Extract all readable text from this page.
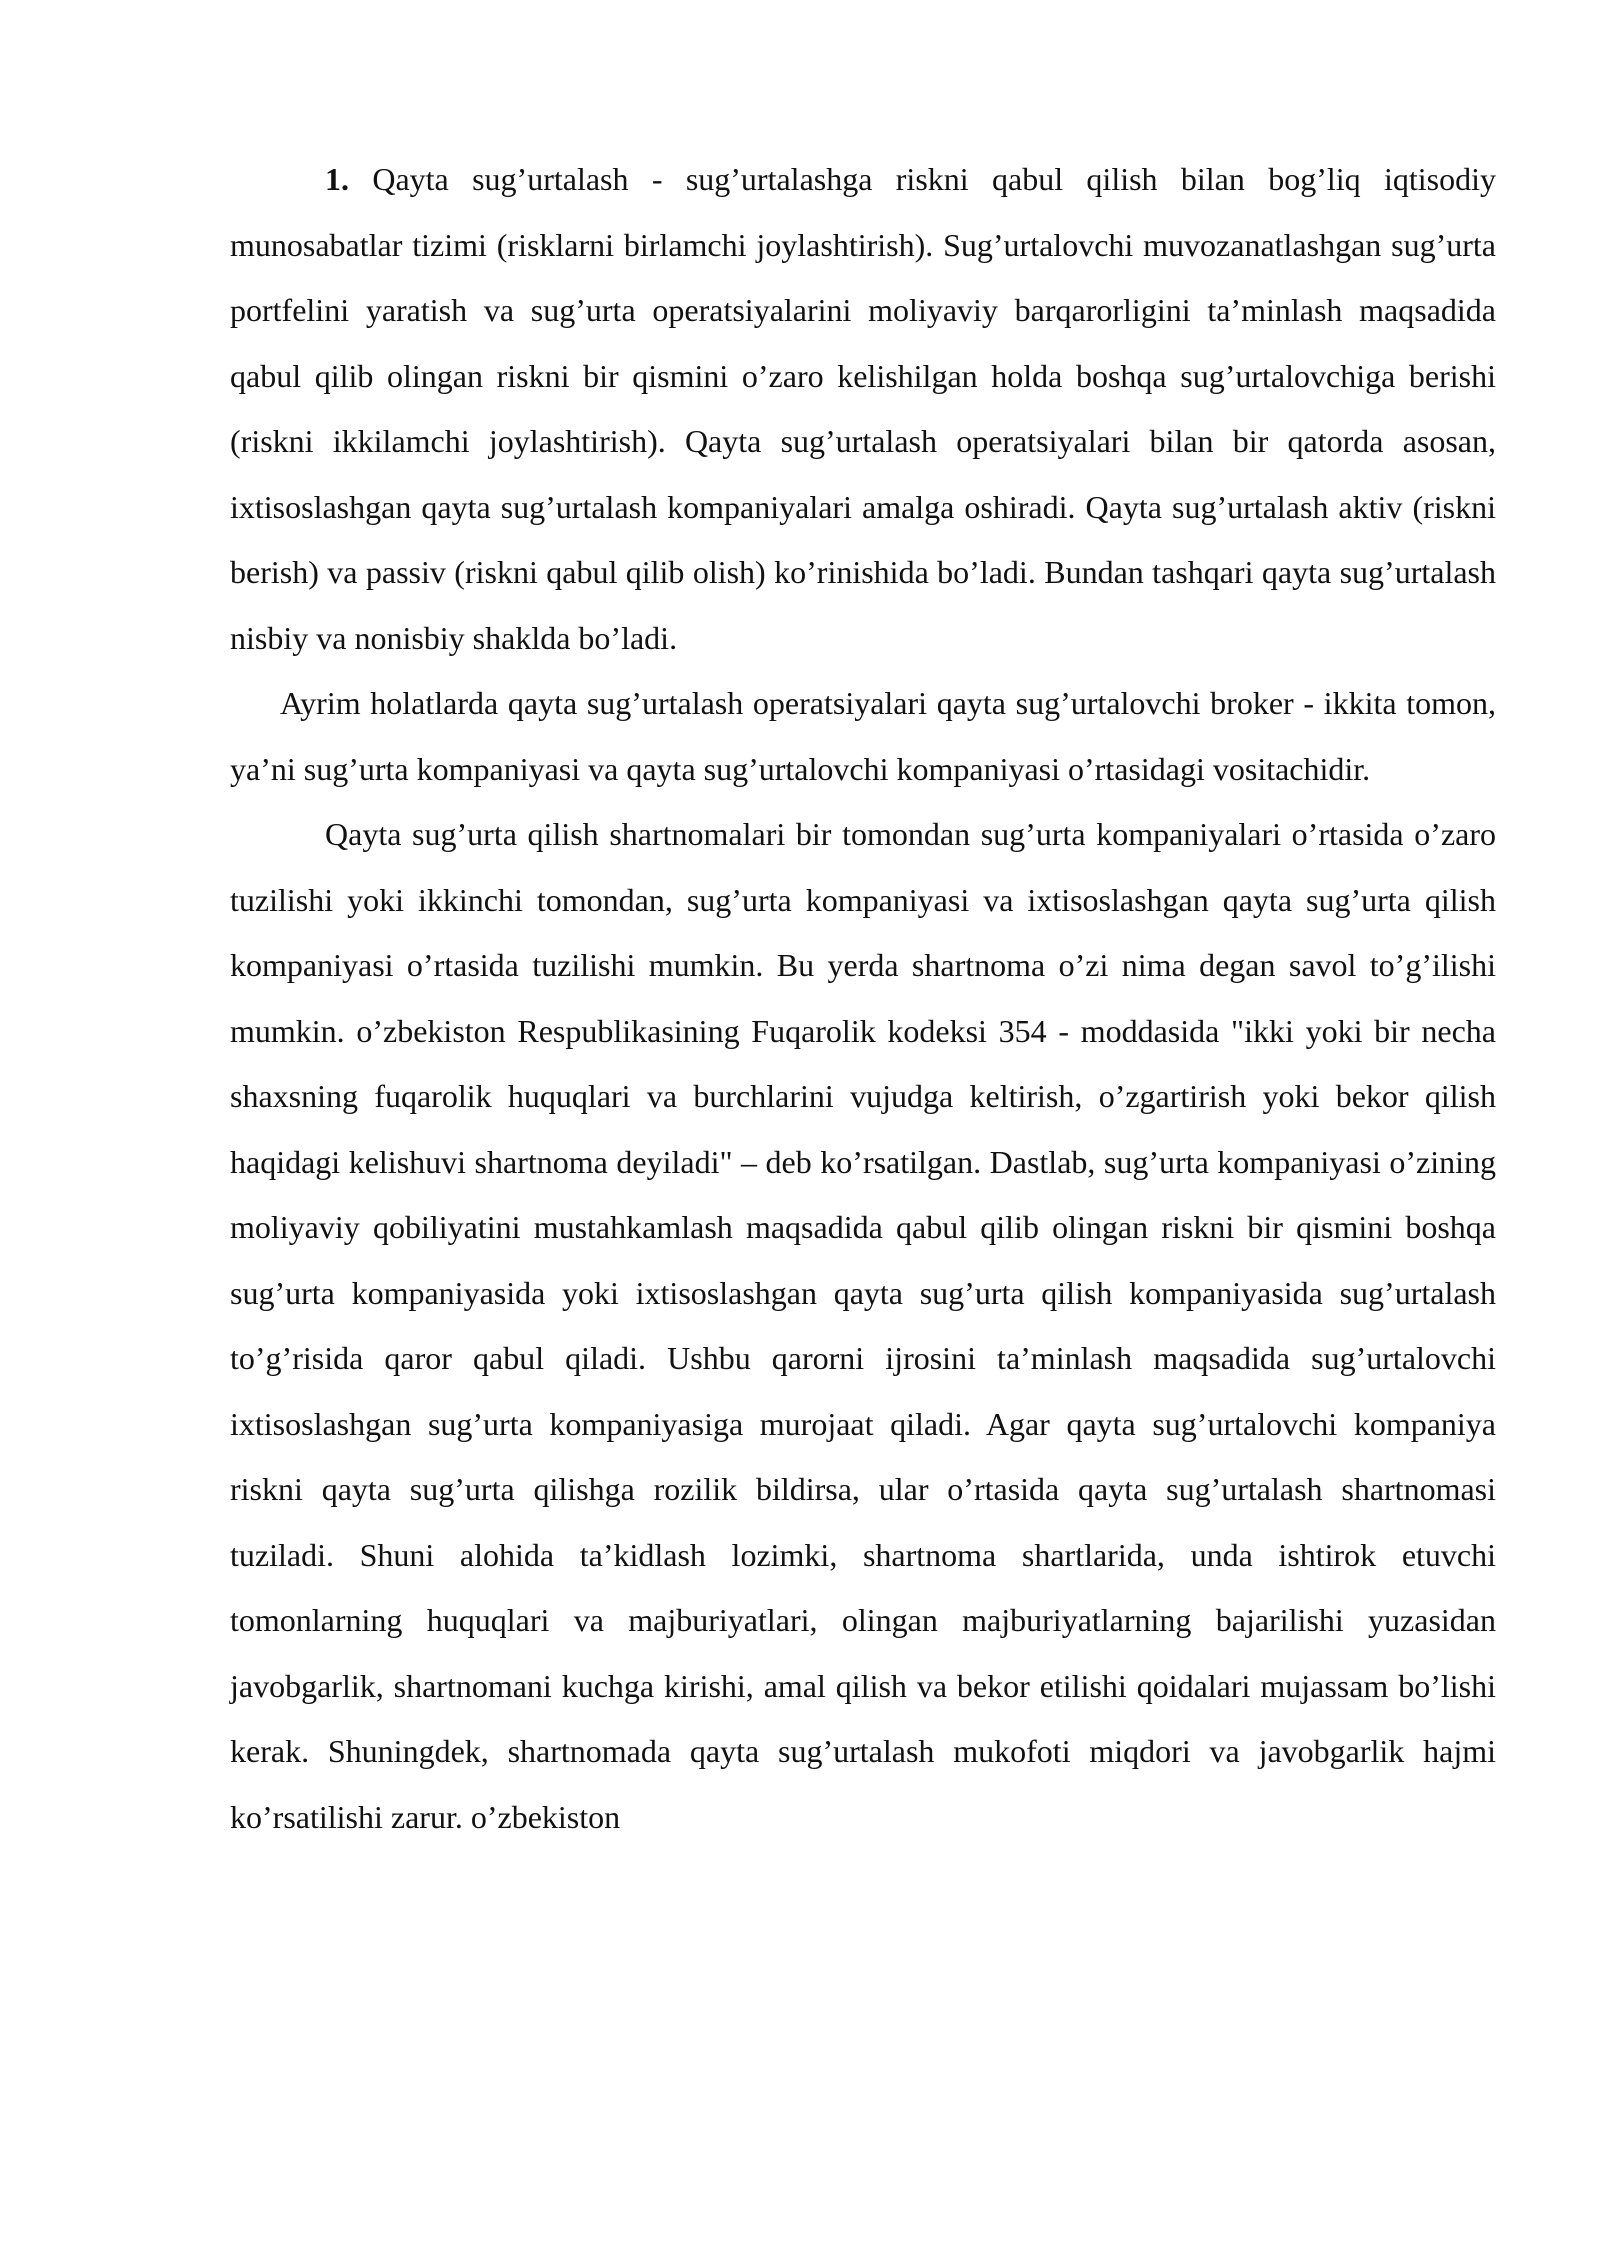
1. Qayta sug’urtalash - sug’urtalashga riskni qabul qilish bilan bog’liq iqtisodiy munosabatlar tizimi (risklarni birlamchi joylashtirish). Sug’urtalovchi muvozanatlashgan sug’urta portfelini yaratish va sug’urta operatsiyalarini moliyaviy barqarorligini ta’minlash maqsadida qabul qilib olingan riskni bir qismini o’zaro kelishilgan holda boshqa sug’urtalovchiga berishi (riskni ikkilamchi joylashtirish). Qayta sug’urtalash operatsiyalari bilan bir qatorda asosan, ixtisoslashgan qayta sug’urtalash kompaniyalari amalga oshiradi. Qayta sug’urtalash aktiv (riskni berish) va passiv (riskni qabul qilib olish) ko’rinishida bo’ladi. Bundan tashqari qayta sug’urtalash nisbiy va nonisbiy shaklda bo’ladi.

Ayrim holatlarda qayta sug’urtalash operatsiyalari qayta sug’urtalovchi broker - ikkita tomon, ya’ni sug’urta kompaniyasi va qayta sug’urtalovchi kompaniyasi o’rtasidagi vositachidir.

Qayta sug’urta qilish shartnomalari bir tomondan sug’urta kompaniyalari o’rtasida o’zaro tuzilishi yoki ikkinchi tomondan, sug’urta kompaniyasi va ixtisoslashgan qayta sug’urta qilish kompaniyasi o’rtasida tuzilishi mumkin. Bu yerda shartnoma o’zi nima degan savol to’g’ilishi mumkin. o’zbekiston Respublikasining Fuqarolik kodeksi 354 - moddasida "ikki yoki bir necha shaxsning fuqarolik huquqlari va burchlarini vujudga keltirish, o’zgartirish yoki bekor qilish haqidagi kelishuvi shartnoma deyiladi" – deb ko’rsatilgan. Dastlab, sug’urta kompaniyasi o’zining moliyaviy qobiliyatini mustahkamlash maqsadida qabul qilib olingan riskni bir qismini boshqa sug’urta kompaniyasida yoki ixtisoslashgan qayta sug’urta qilish kompaniyasida sug’urtalash to’g’risida qaror qabul qiladi. Ushbu qarorni ijrosini ta’minlash maqsadida sug’urtalovchi ixtisoslashgan sug’urta kompaniyasiga murojaat qiladi. Agar qayta sug’urtalovchi kompaniya riskni qayta sug’urta qilishga rozilik bildirsa, ular o’rtasida qayta sug’urtalash shartnomasi tuziladi. Shuni alohida ta’kidlash lozimki, shartnoma shartlarida, unda ishtirok etuvchi tomonlarning huquqlari va majburiyatlari, olingan majburiyatlarning bajarilishi yuzasidan javobgarlik, shartnomani kuchga kirishi, amal qilish va bekor etilishi qoidalari mujassam bo’lishi kerak. Shuningdek, shartnomada qayta sug’urtalash mukofoti miqdori va javobgarlik hajmi ko’rsatilishi zarur. o’zbekiston
